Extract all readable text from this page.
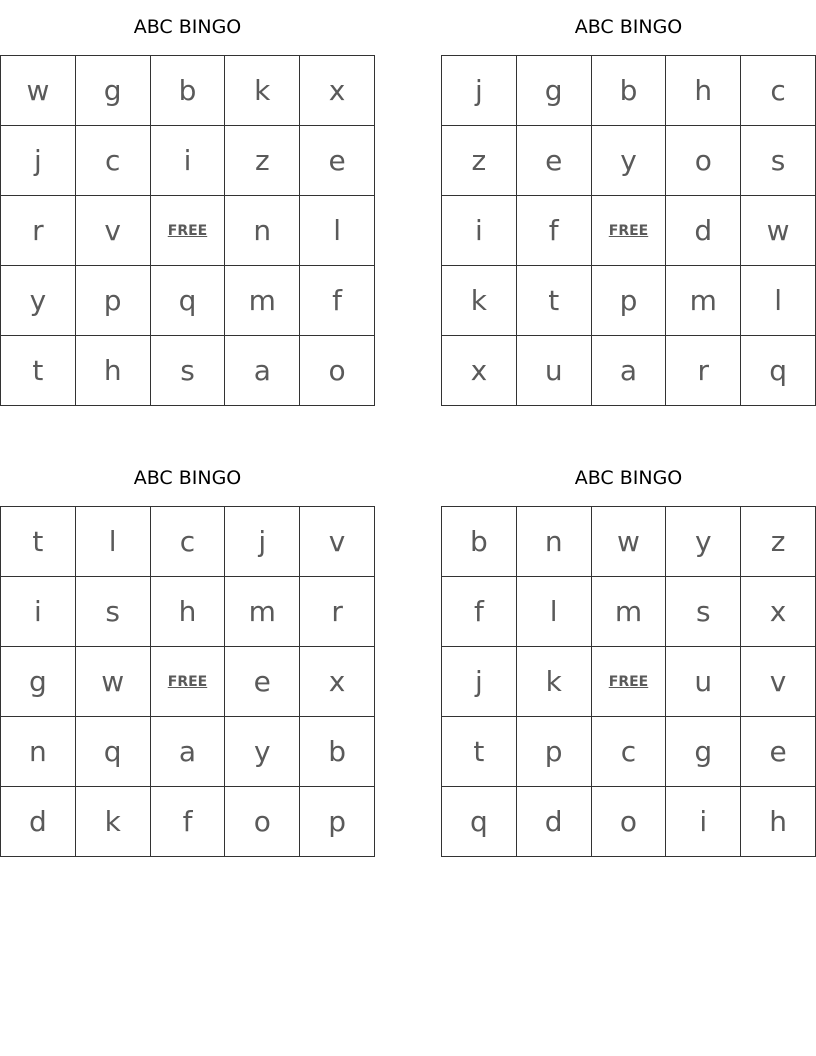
ABC BINGO
w	g	b	k	x
j	c	i	z	e
r	v	FREE	n	l
y	p	q	m	f
t	h	s	a	o
ABC BINGO
j	g	b	h	c
z	e	y	o	s
i	f	FREE	d	w
k	t	p	m	l
x	u	a	r	q
ABC BINGO
t	l	c	j	v
i	s	h	m	r
g	w	FREE	e	x
n	q	a	y	b
d	k	f	o	p
ABC BINGO
b	n	w	y	z
f	l	m	s	x
j	k	FREE	u	v
t	p	c	g	e
q	d	o	i	h
